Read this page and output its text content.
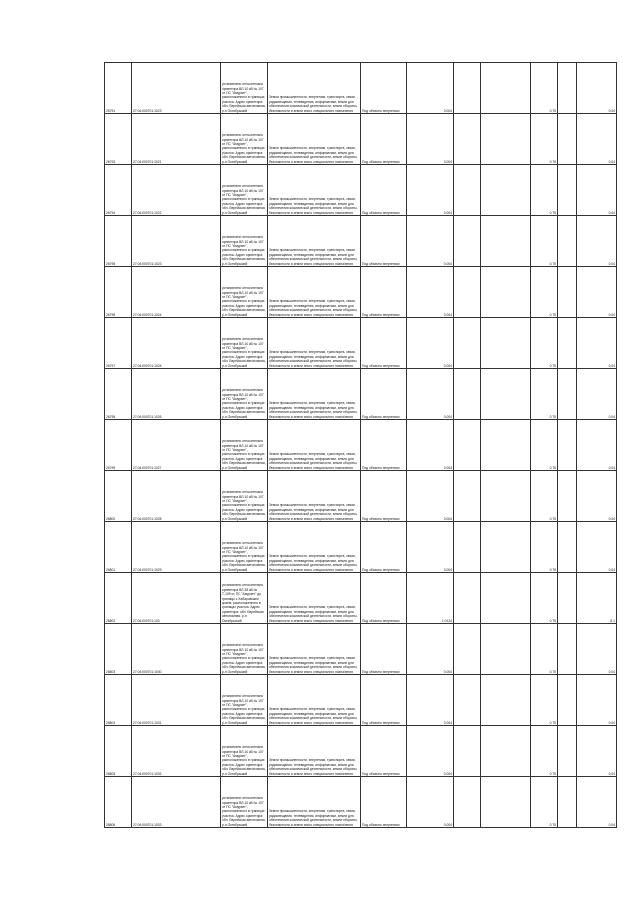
26791	27:04:000701:1023	установлено относительно ориентира ВЛ-10 кВ № 107 от ПС "Амурзет", расположенного в границах участка. Адрес ориентира: обл. Еврейская автономная, р-н Октябрьский	Земли промышленности, энергетики, транспорта, связи, радиовещания, телевидения, информатики, земли для обеспечения космической деятельности, земли обороны, безопасности и земли иного специального назначения	Под объекты энергетики	0.004			0.75		0.04
26793	27:04:000701:1021	установлено относительно ориентира ВЛ-10 кВ № 107 от ПС "Амурзет", расположенного в границах участка. Адрес ориентира: обл. Еврейская автономная, р-н Октябрьский	Земли промышленности, энергетики, транспорта, связи, радиовещания, телевидения, информатики, земли для обеспечения космической деятельности, земли обороны, безопасности и земли иного специального назначения	Под объекты энергетики	0.004			0.75		0.04
26794	27:04:000701:1022	установлено относительно ориентира ВЛ-10 кВ № 107 от ПС "Амурзет", расположенного в границах участка. Адрес ориентира: обл. Еврейская автономная, р-н Октябрьский	Земли промышленности, энергетики, транспорта, связи, радиовещания, телевидения, информатики, земли для обеспечения космической деятельности, земли обороны, безопасности и земли иного специального назначения	Под объекты энергетики	0.004			0.75		0.04
26795	27:04:000701:1023	установлено относительно ориентира ВЛ-10 кВ № 107 от ПС "Амурзет", расположенного в границах участка. Адрес ориентира: обл. Еврейская автономная, р-н Октябрьский	Земли промышленности, энергетики, транспорта, связи, радиовещания, телевидения, информатики, земли для обеспечения космической деятельности, земли обороны, безопасности и земли иного специального назначения	Под объекты энергетики	0.004			0.75		0.04
26796	27:04:000701:1024	установлено относительно ориентира ВЛ-10 кВ № 107 от ПС "Амурзет", расположенного в границах участка. Адрес ориентира: обл. Еврейская автономная, р-н Октябрьский	Земли промышленности, энергетики, транспорта, связи, радиовещания, телевидения, информатики, земли для обеспечения космической деятельности, земли обороны, безопасности и земли иного специального назначения	Под объекты энергетики	0.004			0.75		0.04
26797	27:04:000701:1025	установлено относительно ориентира ВЛ-10 кВ № 107 от ПС "Амурзет", расположенного в границах участка. Адрес ориентира: обл. Еврейская автономная, р-н Октябрьский	Земли промышленности, энергетики, транспорта, связи, радиовещания, телевидения, информатики, земли для обеспечения космической деятельности, земли обороны, безопасности и земли иного специального назначения	Под объекты энергетики	0.004			0.75		0.04
26798	27:04:000701:1026	установлено относительно ориентира ВЛ-10 кВ № 107 от ПС "Амурзет", расположенного в границах участка. Адрес ориентира: обл. Еврейская автономная, р-н Октябрьский	Земли промышленности, энергетики, транспорта, связи, радиовещания, телевидения, информатики, земли для обеспечения космической деятельности, земли обороны, безопасности и земли иного специального назначения	Под объекты энергетики	0.004			0.75		0.04
26799	27:04:000701:1027	установлено относительно ориентира ВЛ-10 кВ № 107 от ПС "Амурзет", расположенного в границах участка. Адрес ориентира: обл. Еврейская автономная, р-н Октябрьский	Земли промышленности, энергетики, транспорта, связи, радиовещания, телевидения, информатики, земли для обеспечения космической деятельности, земли обороны, безопасности и земли иного специального назначения	Под объекты энергетики	0.004			0.75		0.04
26800	27:04:000701:1028	установлено относительно ориентира ВЛ-10 кВ № 107 от ПС "Амурзет", расположенного в границах участка. Адрес ориентира: обл. Еврейская автономная, р-н Октябрьский	Земли промышленности, энергетики, транспорта, связи, радиовещания, телевидения, информатики, земли для обеспечения космической деятельности, земли обороны, безопасности и земли иного специального назначения	Под объекты энергетики	0.004			0.75		0.04
26801	27:04:000701:1029	установлено относительно ориентира ВЛ-10 кВ № 107 от ПС "Амурзет", расположенного в границах участка. Адрес ориентира: обл. Еврейская автономная, р-н Октябрьский	Земли промышленности, энергетики, транспорта, связи, радиовещания, телевидения, информатики, земли для обеспечения космической деятельности, земли обороны, безопасности и земли иного специального назначения	Под объекты энергетики	0.004			0.75		0.04
26802	27:04:000701:103	установлено относительно ориентира ВЛ-35 кВ № Т-109 от ПС "Амурзет" до границы с Хабаровским краем, расположенного в границах участка. Адрес ориентира: обл. Еврейская автономная, р-н Октябрьский	Земли промышленности, энергетики, транспорта, связи, радиовещания, телевидения, информатики, земли для обеспечения космической деятельности, земли обороны, безопасности и земли иного специального назначения	Под объекты энергетики	1.0124			0.75		8.1
26803	27:04:000701:1030	установлено относительно ориентира ВЛ-10 кВ № 107 от ПС "Амурзет", расположенного в границах участка. Адрес ориентира: обл. Еврейская автономная, р-н Октябрьский	Земли промышленности, энергетики, транспорта, связи, радиовещания, телевидения, информатики, земли для обеспечения космической деятельности, земли обороны, безопасности и земли иного специального назначения	Под объекты энергетики	0.004			0.75		0.04
26804	27:04:000701:1031	установлено относительно ориентира ВЛ-10 кВ № 107 от ПС "Амурзет", расположенного в границах участка. Адрес ориентира: обл. Еврейская автономная, р-н Октябрьский	Земли промышленности, энергетики, транспорта, связи, радиовещания, телевидения, информатики, земли для обеспечения космической деятельности, земли обороны, безопасности и земли иного специального назначения	Под объекты энергетики	0.004			0.75		0.04
26805	27:04:000701:1032	установлено относительно ориентира ВЛ-10 кВ № 107 от ПС "Амурзет", расположенного в границах участка. Адрес ориентира: обл. Еврейская автономная, р-н Октябрьский	Земли промышленности, энергетики, транспорта, связи, радиовещания, телевидения, информатики, земли для обеспечения космической деятельности, земли обороны, безопасности и земли иного специального назначения	Под объекты энергетики	0.004			0.75		0.04
26806	27:04:000701:1033	установлено относительно ориентира ВЛ-10 кВ № 107 от ПС "Амурзет", расположенного в границах участка. Адрес ориентира: обл. Еврейская автономная, р-н Октябрьский	Земли промышленности, энергетики, транспорта, связи, радиовещания, телевидения, информатики, земли для обеспечения космической деятельности, земли обороны, безопасности и земли иного специального назначения	Под объекты энергетики	0.004			0.75		0.04
